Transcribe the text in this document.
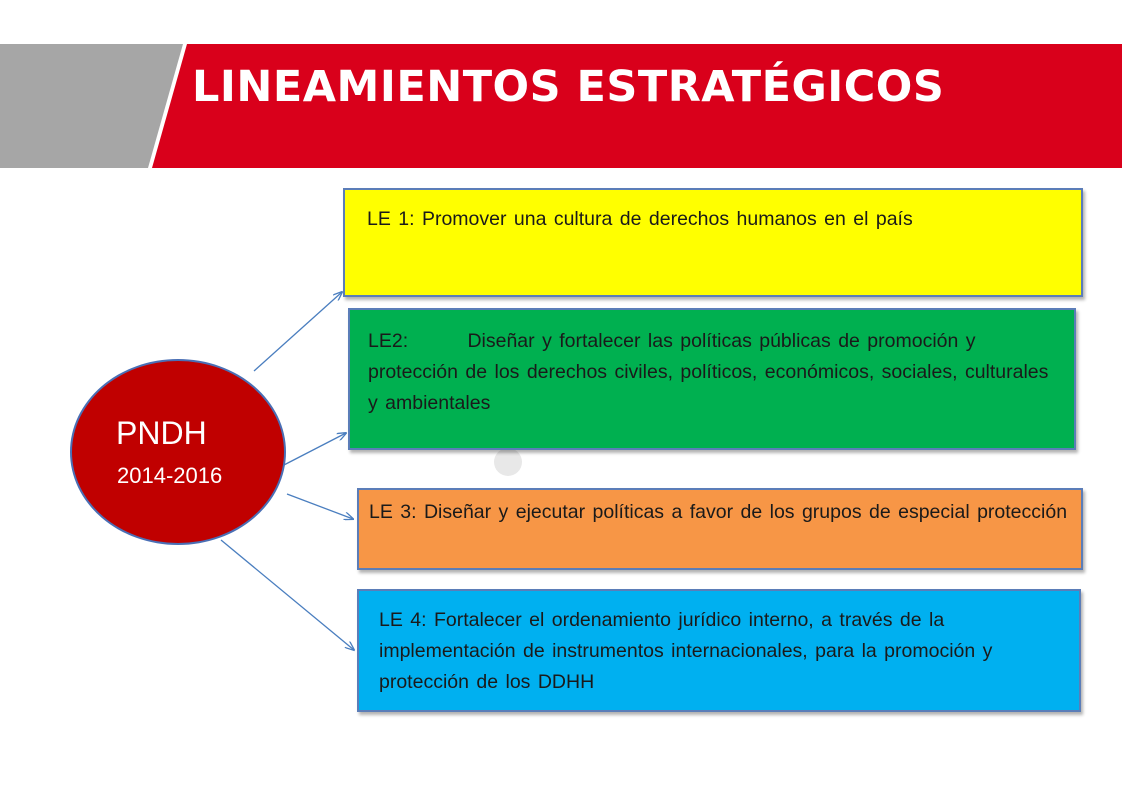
LINEAMIENTOS ESTRATÉGICOS
PNDH
2014-2016
LE 1: Promover una cultura de derechos humanos en el país
LE2:        Diseñar y fortalecer las políticas públicas de promoción y protección de los derechos civiles, políticos, económicos, sociales, culturales y ambientales
LE 3: Diseñar y ejecutar políticas a favor de los grupos de especial protección
LE 4: Fortalecer el ordenamiento jurídico interno, a través de la implementación de instrumentos internacionales, para la promoción y protección de los DDHH
